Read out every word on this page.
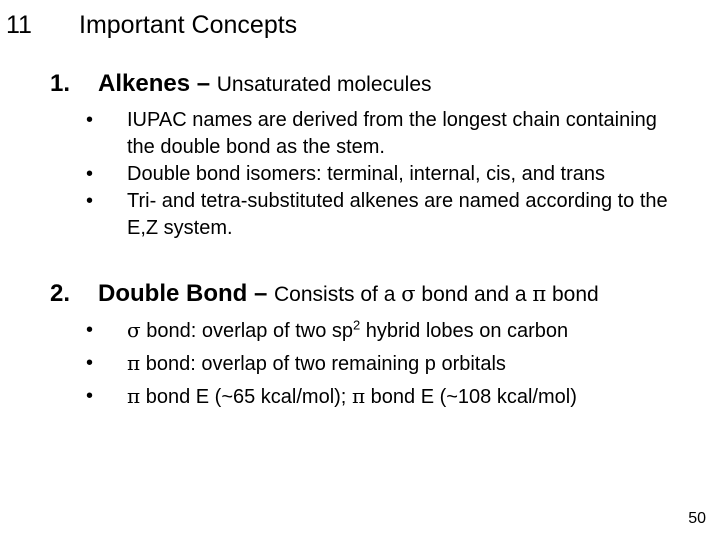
11 Important Concepts
1. Alkenes – Unsaturated molecules
• IUPAC names are derived from the longest chain containing the double bond as the stem.
• Double bond isomers: terminal, internal, cis, and trans
• Tri- and tetra-substituted alkenes are named according to the E,Z system.
2. Double Bond – Consists of a σ bond and a π bond
• σ bond: overlap of two $sp^2$ hybrid lobes on carbon
• π bond: overlap of two remaining p orbitals
• π bond E (~65 kcal/mol); π bond E (~108 kcal/mol)
50
